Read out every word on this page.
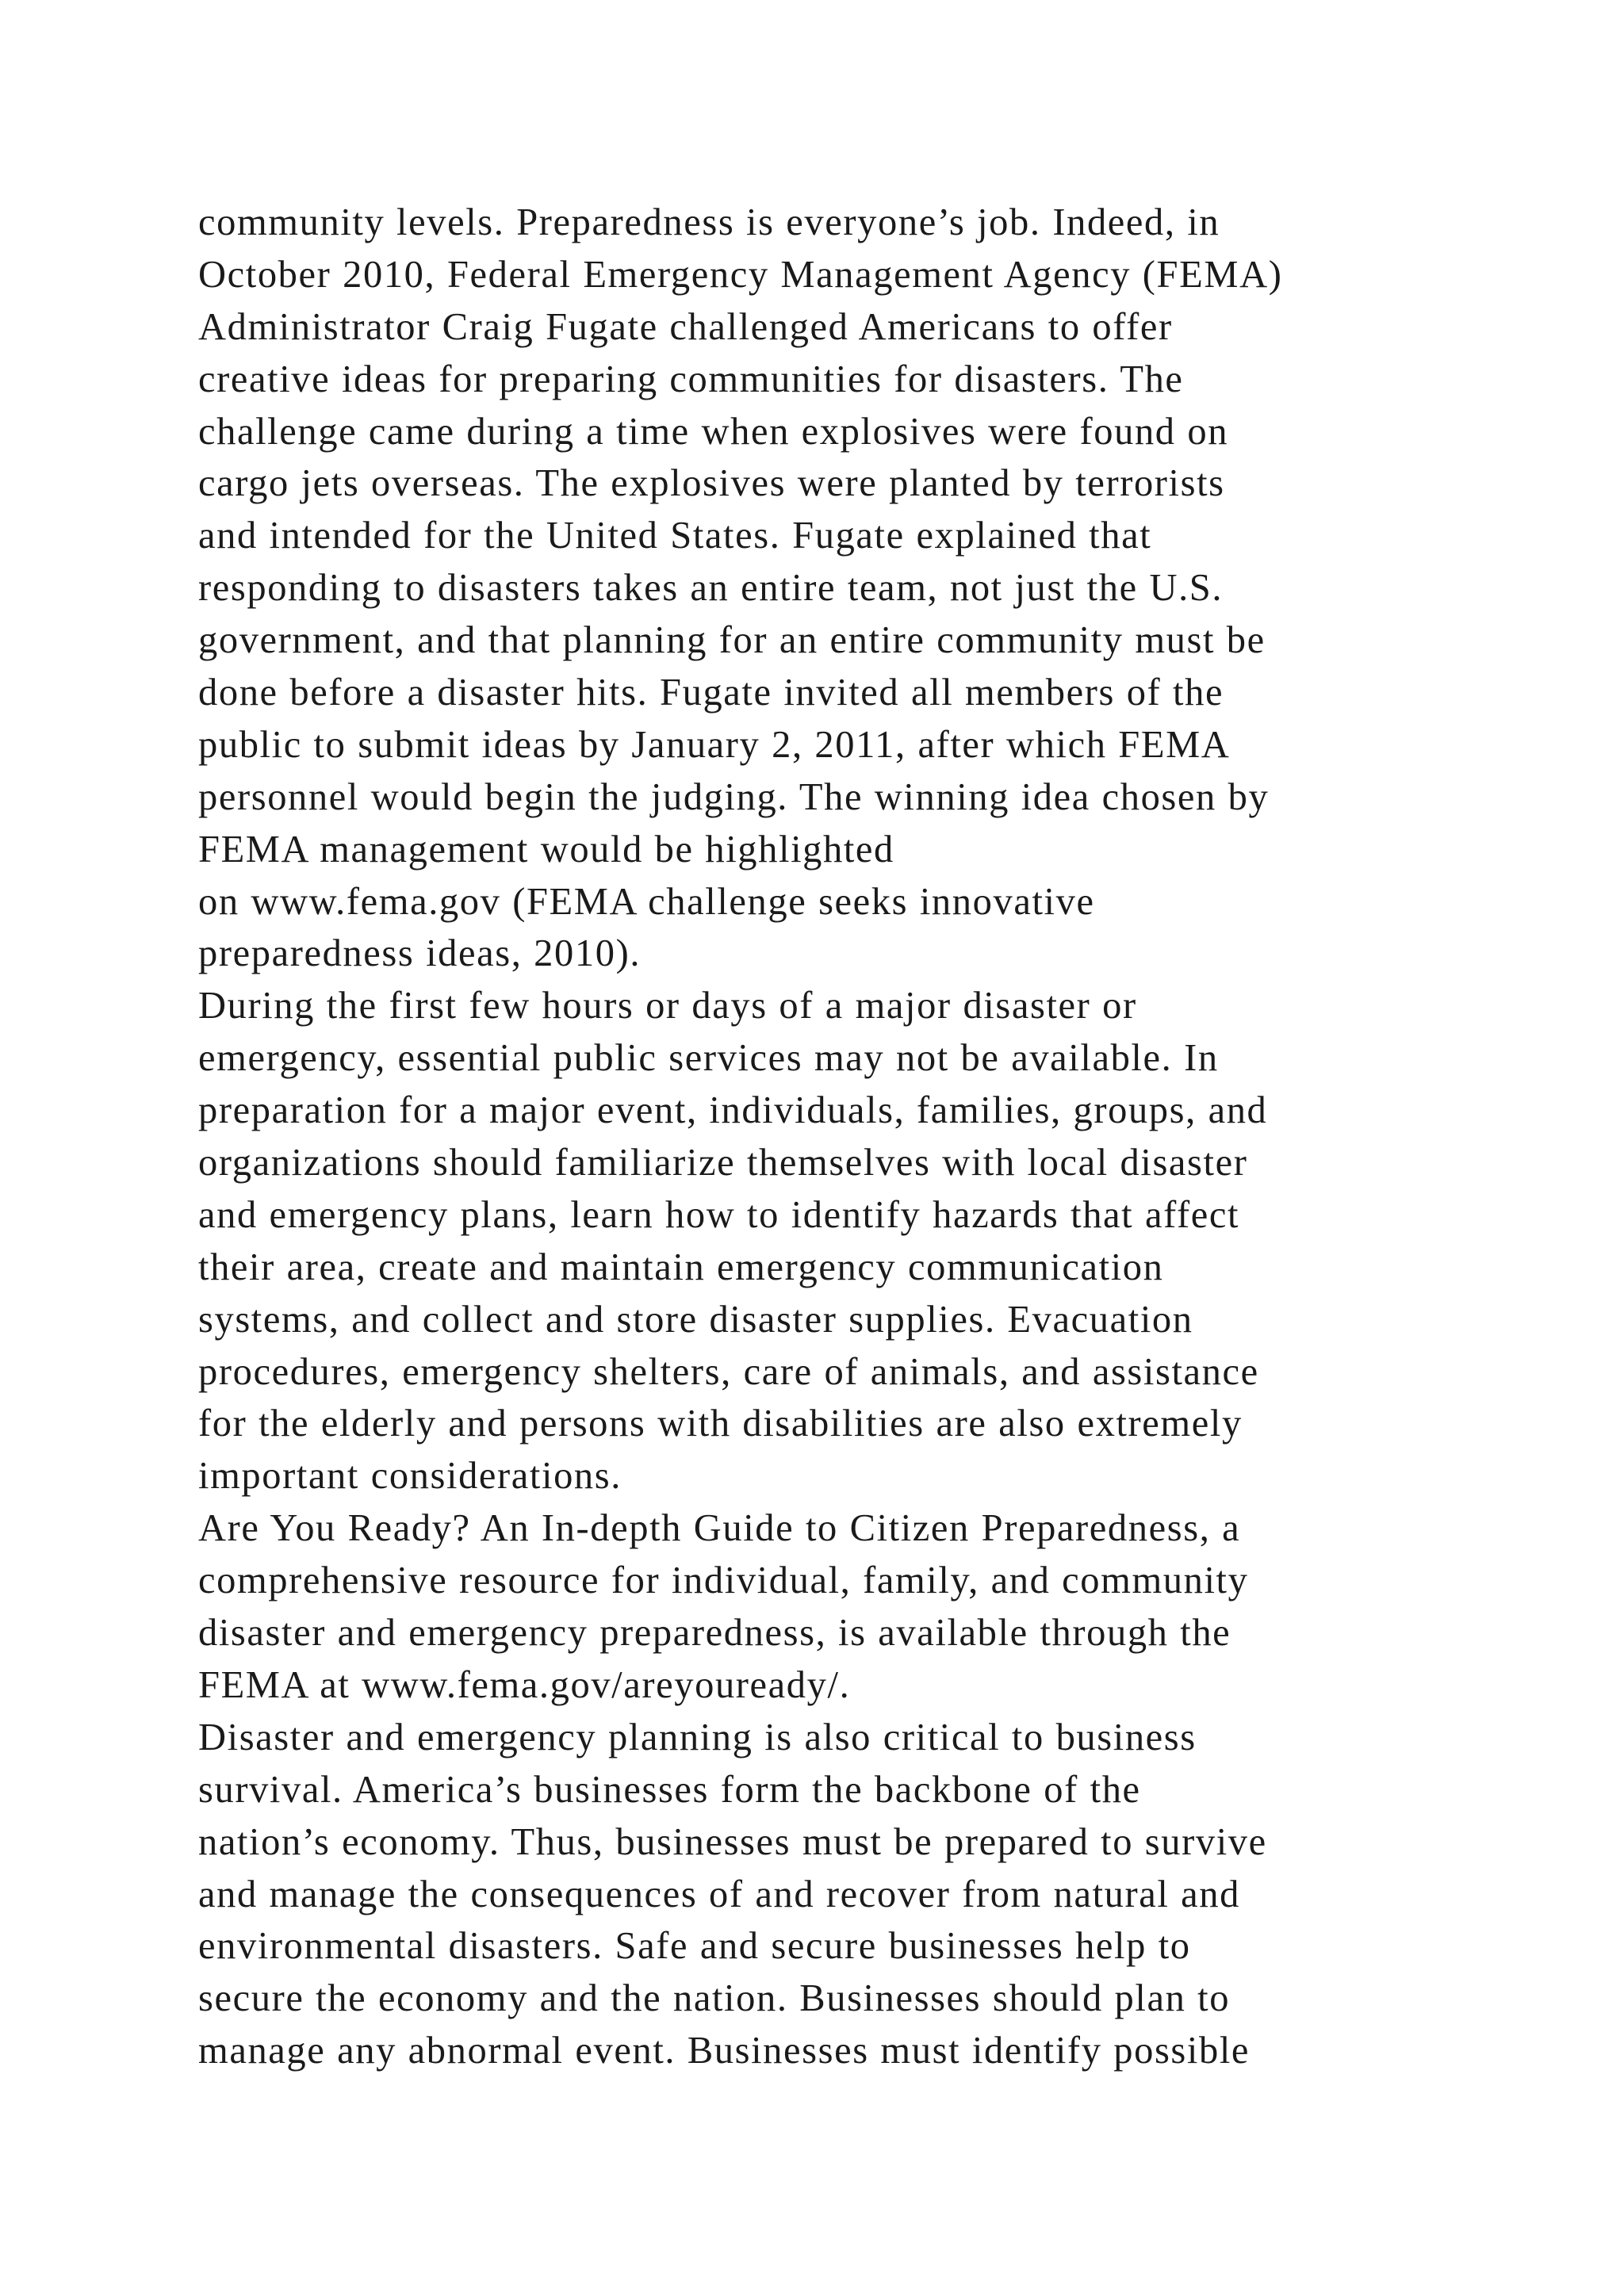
community levels. Preparedness is everyone’s job. Indeed, in
October 2010, Federal Emergency Management Agency (FEMA)
Administrator Craig Fugate challenged Americans to offer
creative ideas for preparing communities for disasters. The
challenge came during a time when explosives were found on
cargo jets overseas. The explosives were planted by terrorists
and intended for the United States. Fugate explained that
responding to disasters takes an entire team, not just the U.S.
government, and that planning for an entire community must be
done before a disaster hits. Fugate invited all members of the
public to submit ideas by January 2, 2011, after which FEMA
personnel would begin the judging. The winning idea chosen by
FEMA management would be highlighted
on www.fema.gov (FEMA challenge seeks innovative
preparedness ideas, 2010).
During the first few hours or days of a major disaster or
emergency, essential public services may not be available. In
preparation for a major event, individuals, families, groups, and
organizations should familiarize themselves with local disaster
and emergency plans, learn how to identify hazards that affect
their area, create and maintain emergency communication
systems, and collect and store disaster supplies. Evacuation
procedures, emergency shelters, care of animals, and assistance
for the elderly and persons with disabilities are also extremely
important considerations.
Are You Ready? An In-depth Guide to Citizen Preparedness, a
comprehensive resource for individual, family, and community
disaster and emergency preparedness, is available through the
FEMA at www.fema.gov/areyouready/.
Disaster and emergency planning is also critical to business
survival. America’s businesses form the backbone of the
nation’s economy. Thus, businesses must be prepared to survive
and manage the consequences of and recover from natural and
environmental disasters. Safe and secure businesses help to
secure the economy and the nation. Businesses should plan to
manage any abnormal event. Businesses must identify possible
